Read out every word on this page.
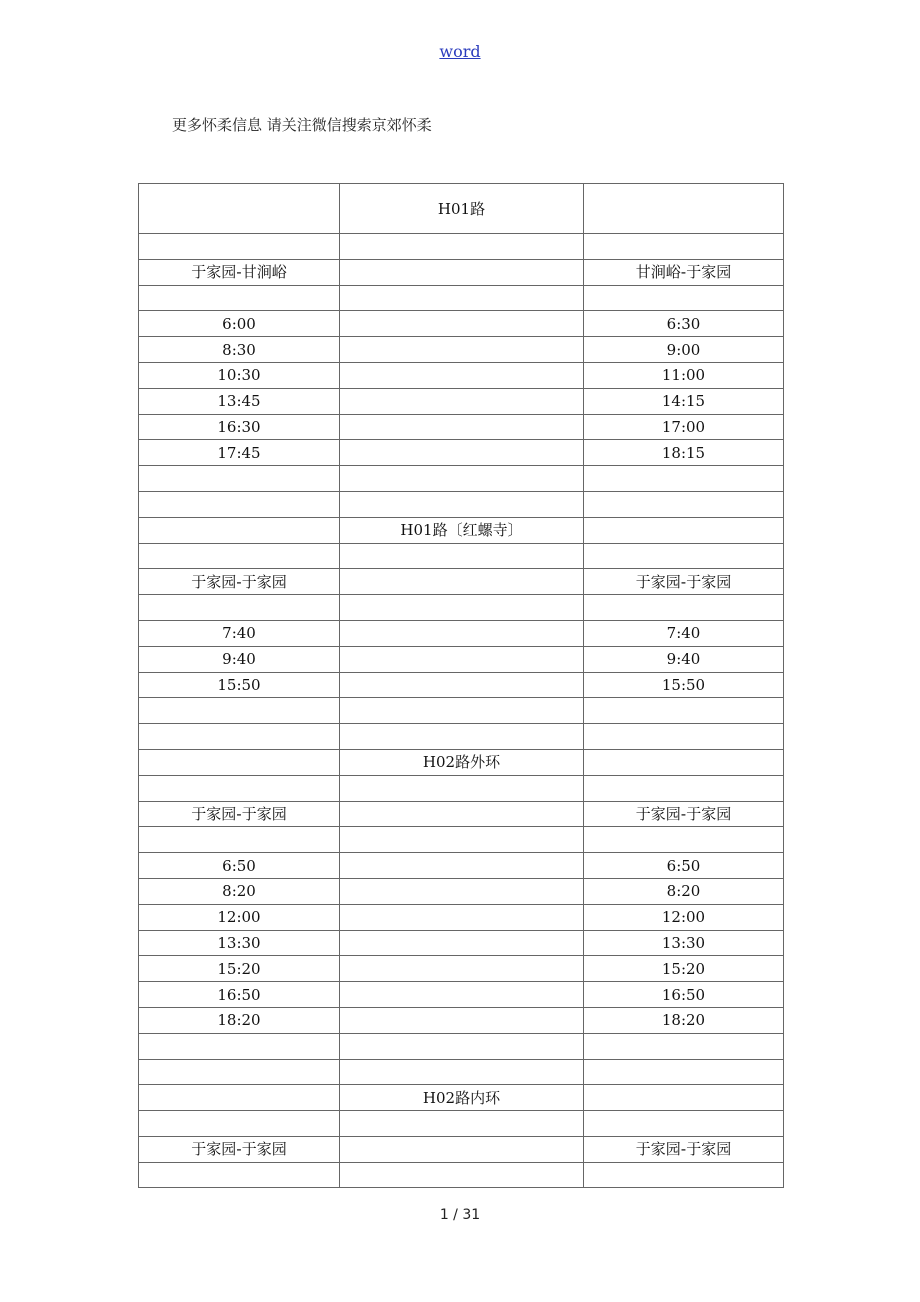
word
更多怀柔信息 请关注微信搜索京郊怀柔
	H01路	

于家园-甘涧峪		甘涧峪-于家园

6:00		6:30
8:30		9:00
10:30		11:00
13:45		14:15
16:30		17:00
17:45		18:15

	H01路〔红螺寺〕	

于家园-于家园		于家园-于家园

7:40		7:40
9:40		9:40
15:50		15:50

	H02路外环	

于家园-于家园		于家园-于家园

6:50		6:50
8:20		8:20
12:00		12:00
13:30		13:30
15:20		15:20
16:50		16:50
18:20		18:20

	H02路内环	

于家园-于家园		于家园-于家园

1 / 31
